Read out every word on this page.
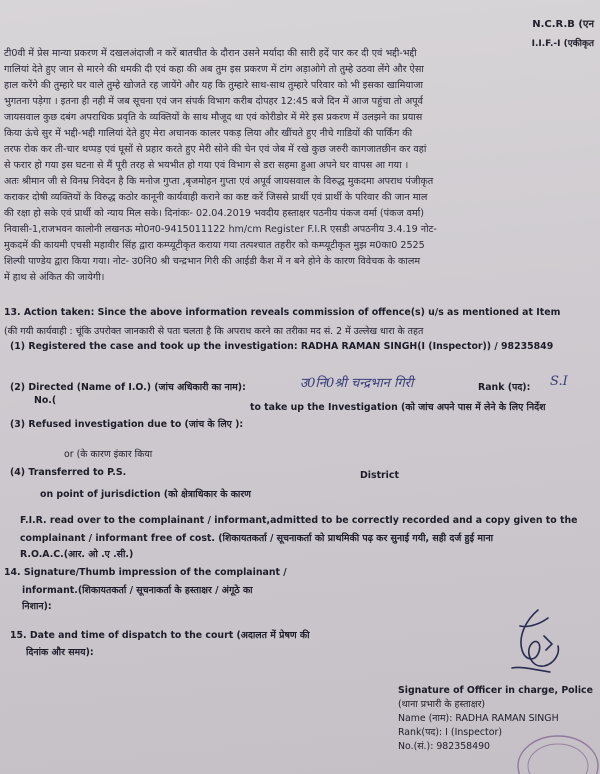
N.C.R.B (एन
I.I.F.-I (एकीकृत
टी0वी में प्रेस मान्या प्रकरण में दखलअंदाजी न करें बातचीत के दौरान उसने मर्यादा की सारी हदें पार कर दी एवं भद्दी-भद्दी
गालियां देते हुए जान से मारने की धमकी दी एवं कहा की अब तुम इस प्रकरण में टांग अड़ाओगे तो तुम्हे उठवा लेंगे और ऐसा
हाल करेंगे की तुम्हारे घर वाले तुम्हे खोजते रह जायेंगे और यह कि तुम्हारे साथ-साथ तुम्हारे परिवार को भी इसका खामियाजा
भुगतना पड़ेगा । इतना ही नही में जब सूचना एवं जन संपर्क विभाग करीब दोपहर 12:45 बजे दिन में आज पहुंचा तो अपूर्व
जायसवाल कुछ दबंग अपराधिक प्रवृति के व्यक्तियों के साथ मौजूद था एवं कोरीडोर में मेरे इस प्रकरण में उलझने का प्रयास
किया ऊंचे सुर में भद्दी-भद्दी गालियां देते हुए मेरा अचानक कालर पकड़ लिया और खींचते हुए नीचे गाडियों की पार्किंग की
तरफ रोक कर ती-चार थप्पड़ एवं घूसों से प्रहार करते हुए मेरी सोने की चेन एवं जेब में रखे कुछ जरुरी कागजातछीन कर वहां
से फरार हो गया इस घटना से मैं पूरी तरह से भयभीत हो गया एवं विभाग से डरा सहमा हुआ अपने घर वापस आ गया ।
अतः श्रीमान जी से विनम्र निवेदन है कि मनोज गुप्ता ,बृजमोहन गुप्ता एवं अपूर्व जायसवाल के विरुद्ध मुकदमा अपराध पंजीकृत
कराकर दोषी व्यक्तियों के विरुद्ध कठोर कानूनी कार्यवाही कराने का कष्ट करें जिससे प्रार्थी एवं प्रार्थी के परिवार की जान माल
की रक्षा हो सके एवं प्रार्थी को न्याय मिल सके। दिनांकः- 02.04.2019 भवदीय हस्ताक्षर पठनीय पंकज वर्मा (पंकज वर्मा)
निवासी-1,राजभवन कालोनी लखनऊ मो0न0-9415011122 hm/cm Register F.I.R एसडी अपठनीय 3.4.19 नोट-
मुकदमें की कायमी एचसी महावीर सिंह द्वारा कम्प्यूटीकृत कराया गया तत्पश्चात तहरीर को कम्प्यूटीकृत मुझ म0का0 2525
शिल्पी पाण्डेय द्वारा किया गया। नोट- उ0नि0 श्री चन्द्रभान गिरी की आईडी कैश में न बने होने के कारण विवेचक के कालम
में हाथ से अंकित की जायेगी।
13. Action taken: Since the above information reveals commission of offence(s) u/s as mentioned at Item
(की गयी कार्यवाही : चूंकि उपरोक्त जानकारी से पता चलता है कि अपराध करने का तरीका मद सं. 2 में उल्लेख धारा के तहत
(1) Registered the case and took up the investigation: RADHA RAMAN SINGH(I (Inspector)) / 98235849
(2) Directed (Name of I.O.) (जांच अधिकारी का नाम):	उ0नि0श्री चन्द्रभान गिरी	Rank (पद):	S.I
No.(
to take up the Investigation (को जांच अपने पास में लेने के लिए निर्देश
(3) Refused investigation due to (जांच के लिए ):
or (के कारण इंकार किया
(4) Transferred to P.S.	District
on point of jurisdiction (को क्षेत्राधिकार के कारण
F.I.R. read over to the complainant / informant,admitted to be correctly recorded and a copy given to the
complainant / informant free of cost. (शिकायतकर्ता / सूचनाकर्ता को प्राथमिकी पढ़ कर सुनाई गयी, सही दर्ज हुई माना
R.O.A.C.(आर. ओ .ए .सी.)
14. Signature/Thumb impression of the complainant /
informant.(शिकायतकर्ता / सूचनाकर्ता के हस्ताक्षर / अंगूठे का
निशान):
15. Date and time of dispatch to the court (अदालत में प्रेषण की
दिनांक और समय):
Signature of Officer in charge, Police
(थाना प्रभारी के हस्ताक्षर)
Name (नाम): RADHA RAMAN SINGH
Rank(पद): I (Inspector)
No.(सं.): 982358490
